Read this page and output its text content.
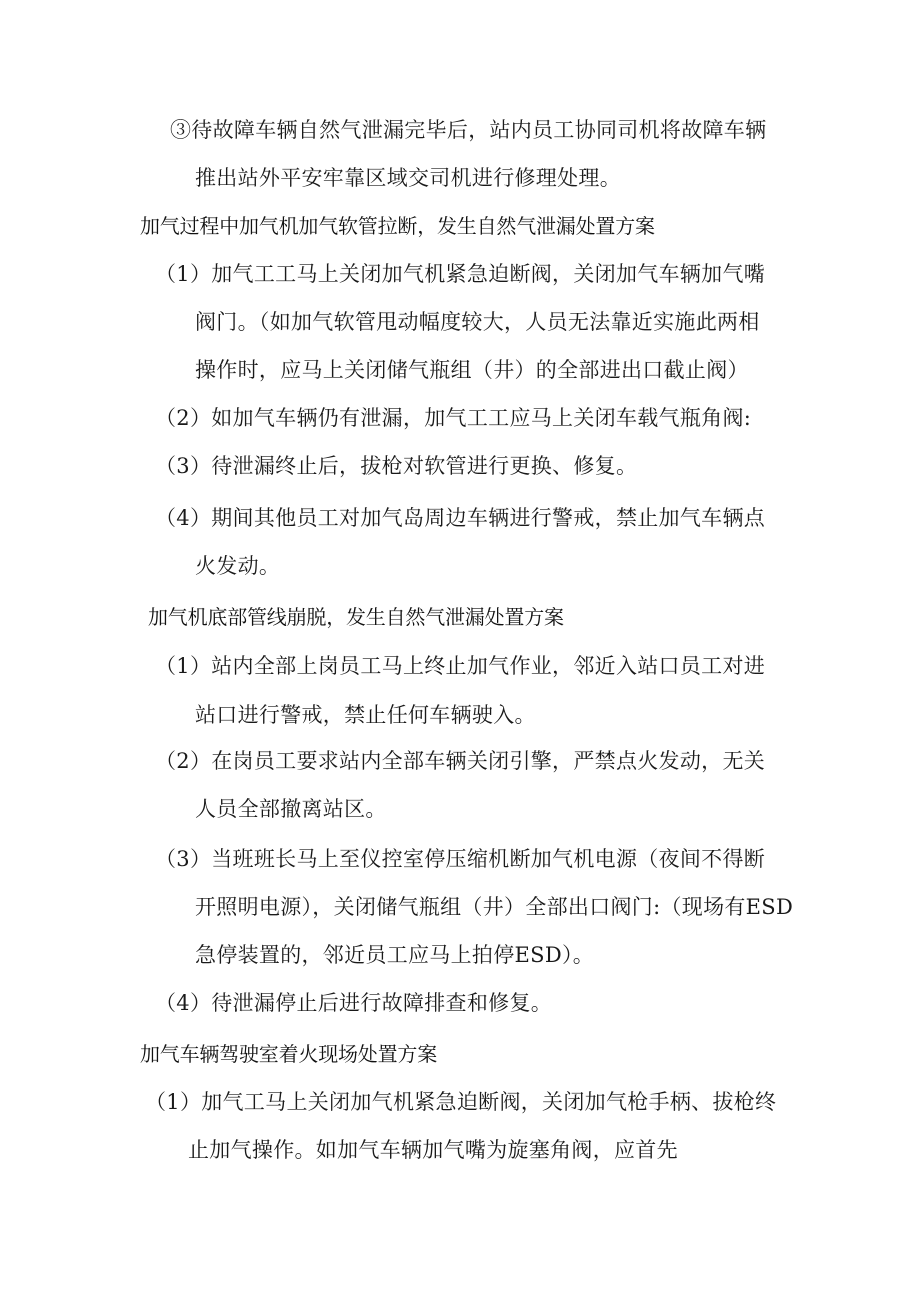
③待故障车辆自然气泄漏完毕后，站内员工协同司机将故障车辆
推出站外平安牢靠区域交司机进行修理处理。
加气过程中加气机加气软管拉断，发生自然气泄漏处置方案
（1）加气工工马上关闭加气机紧急迫断阀，关闭加气车辆加气嘴
阀门。（如加气软管甩动幅度较大，人员无法靠近实施此两相
操作时，应马上关闭储气瓶组（井）的全部进出口截止阀）
（2）如加气车辆仍有泄漏，加气工工应马上关闭车载气瓶角阀:
（3）待泄漏终止后，拔枪对软管进行更换、修复。
（4）期间其他员工对加气岛周边车辆进行警戒，禁止加气车辆点
火发动。
加气机底部管线崩脱，发生自然气泄漏处置方案
（1）站内全部上岗员工马上终止加气作业，邻近入站口员工对进
站口进行警戒，禁止任何车辆驶入。
（2）在岗员工要求站内全部车辆关闭引擎，严禁点火发动，无关
人员全部撤离站区。
（3）当班班长马上至仪控室停压缩机断加气机电源（夜间不得断
开照明电源），关闭储气瓶组（井）全部出口阀门:（现场有ESD
急停装置的，邻近员工应马上拍停ESD）。
（4）待泄漏停止后进行故障排查和修复。
加气车辆驾驶室着火现场处置方案
（1）加气工马上关闭加气机紧急迫断阀，关闭加气枪手柄、拔枪终
止加气操作。如加气车辆加气嘴为旋塞角阀，应首先
